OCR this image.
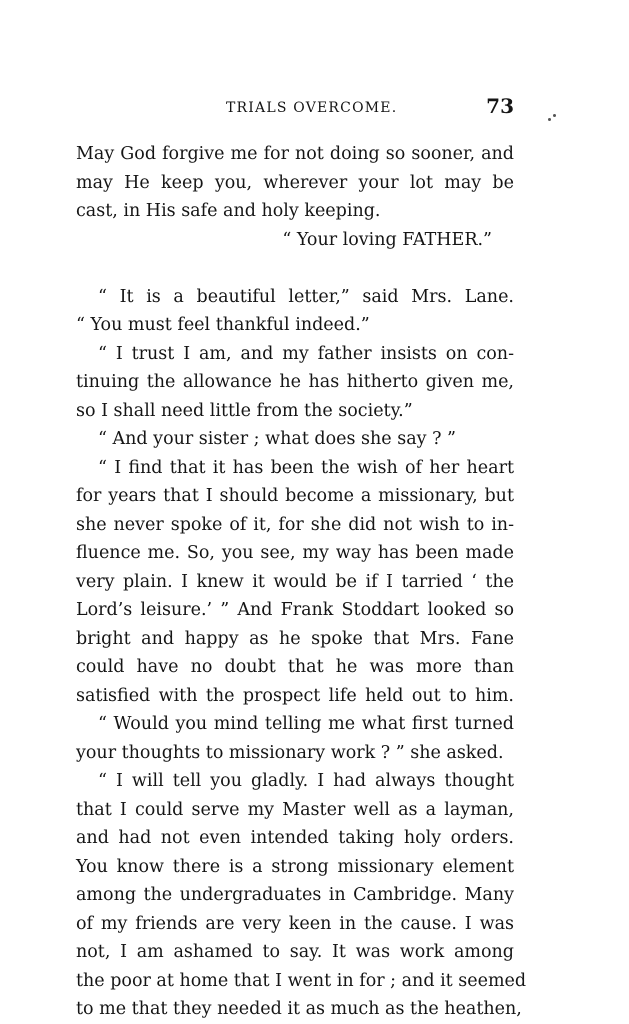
TRIALS OVERCOME.	73
May God forgive me for not doing so sooner, and
may He keep you, wherever your lot may be
cast, in His safe and holy keeping.
“ Your loving FATHER.”
“ It is a beautiful letter,” said Mrs. Lane.
“ You must feel thankful indeed.”
“ I trust I am, and my father insists on con-
tinuing the allowance he has hitherto given me,
so I shall need little from the society.”
“ And your sister ; what does she say ? ”
“ I find that it has been the wish of her heart
for years that I should become a missionary, but
she never spoke of it, for she did not wish to in-
fluence me. So, you see, my way has been made
very plain. I knew it would be if I tarried ‘ the
Lord’s leisure.’ ” And Frank Stoddart looked so
bright and happy as he spoke that Mrs. Fane
could have no doubt that he was more than
satisfied with the prospect life held out to him.
“ Would you mind telling me what first turned
your thoughts to missionary work ? ” she asked.
“ I will tell you gladly. I had always thought
that I could serve my Master well as a layman,
and had not even intended taking holy orders.
You know there is a strong missionary element
among the undergraduates in Cambridge. Many
of my friends are very keen in the cause. I was
not, I am ashamed to say. It was work among
the poor at home that I went in for ; and it seemed
to me that they needed it as much as the heathen,
